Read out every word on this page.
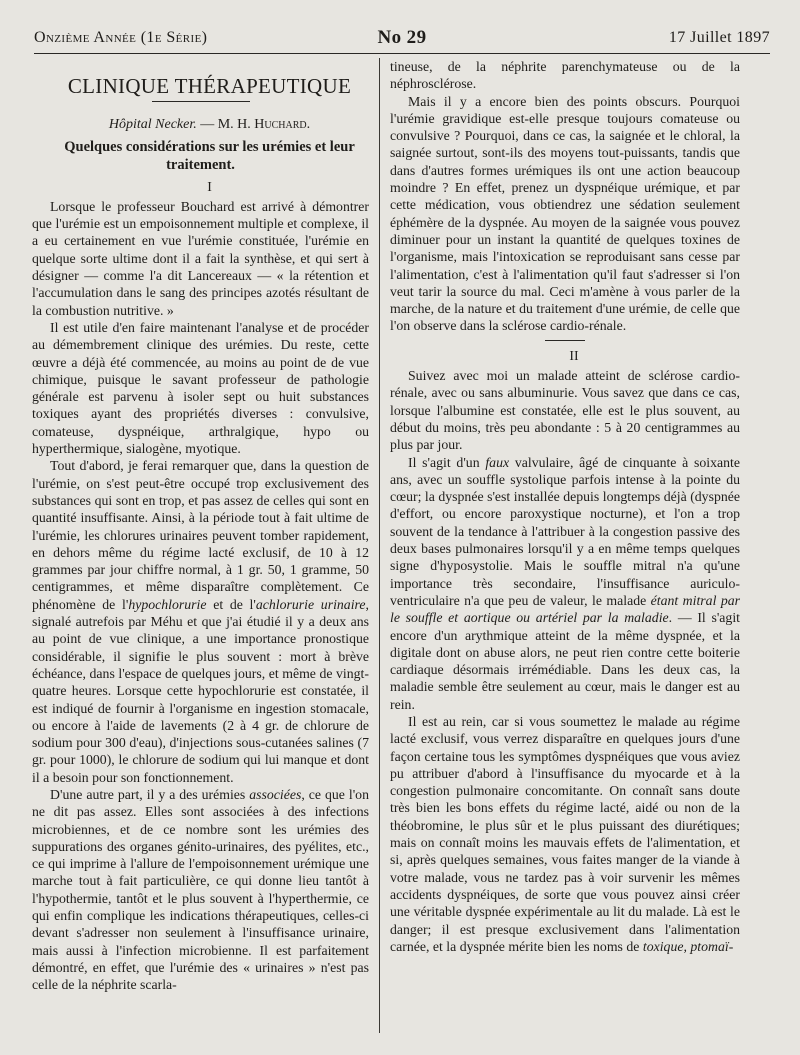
Onzième Année (1e Série)	No 29	17 Juillet 1897

CLINIQUE THÉRAPEUTIQUE

Hôpital Necker. — M. H. Huchard.

Quelques considérations sur les urémies et leur traitement.

I

Lorsque le professeur Bouchard est arrivé à démontrer que l'urémie est un empoisonnement multiple et complexe, il a eu certainement en vue l'urémie constituée, l'urémie en quelque sorte ultime dont il a fait la synthèse, et qui sert à désigner — comme l'a dit Lancereaux — « la rétention et l'accumulation dans le sang des principes azotés résultant de la combustion nutritive. »

Il est utile d'en faire maintenant l'analyse et de procéder au démembrement clinique des urémies. Du reste, cette œuvre a déjà été commencée, au moins au point de de vue chimique, puisque le savant professeur de pathologie générale est parvenu à isoler sept ou huit substances toxiques ayant des propriétés diverses : convulsive, comateuse, dyspnéique, arthralgique, hypo ou hyperthermique, sialogène, myotique.

Tout d'abord, je ferai remarquer que, dans la question de l'urémie, on s'est peut-être occupé trop exclusivement des substances qui sont en trop, et pas assez de celles qui sont en quantité insuffisante. Ainsi, à la période tout à fait ultime de l'urémie, les chlorures urinaires peuvent tomber rapidement, en dehors même du régime lacté exclusif, de 10 à 12 grammes par jour chiffre normal, à 1 gr. 50, 1 gramme, 50 centigrammes, et même disparaître complètement. Ce phénomène de l'hypochlorurie et de l'achlorurie urinaire, signalé autrefois par Méhu et que j'ai étudié il y a deux ans au point de vue clinique, a une importance pronostique considérable, il signifie le plus souvent : mort à brève échéance, dans l'espace de quelques jours, et même de vingt-quatre heures. Lorsque cette hypochlorurie est constatée, il est indiqué de fournir à l'organisme en ingestion stomacale, ou encore à l'aide de lavements (2 à 4 gr. de chlorure de sodium pour 300 d'eau), d'injections sous-cutanées salines (7 gr. pour 1000), le chlorure de sodium qui lui manque et dont il a besoin pour son fonctionnement.

D'une autre part, il y a des urémies associées, ce que l'on ne dit pas assez. Elles sont associées à des infections microbiennes, et de ce nombre sont les urémies des suppurations des organes génito-urinaires, des pyélites, etc., ce qui imprime à l'allure de l'empoisonnement urémique une marche tout à fait particulière, ce qui donne lieu tantôt à l'hypothermie, tantôt et le plus souvent à l'hyperthermie, ce qui enfin complique les indications thérapeutiques, celles-ci devant s'adresser non seulement à l'insuffisance urinaire, mais aussi à l'infection microbienne. Il est parfaitement démontré, en effet, que l'urémie des « urinaires » n'est pas celle de la néphrite scarla-

tineuse, de la néphrite parenchymateuse ou de la néphrosclérose.

Mais il y a encore bien des points obscurs. Pourquoi l'urémie gravidique est-elle presque toujours comateuse ou convulsive ? Pourquoi, dans ce cas, la saignée et le chloral, la saignée surtout, sont-ils des moyens tout-puissants, tandis que dans d'autres formes urémiques ils ont une action beaucoup moindre ? En effet, prenez un dyspnéique urémique, et par cette médication, vous obtiendrez une sédation seulement éphémère de la dyspnée. Au moyen de la saignée vous pouvez diminuer pour un instant la quantité de quelques toxines de l'organisme, mais l'intoxication se reproduisant sans cesse par l'alimentation, c'est à l'alimentation qu'il faut s'adresser si l'on veut tarir la source du mal. Ceci m'amène à vous parler de la marche, de la nature et du traitement d'une urémie, de celle que l'on observe dans la sclérose cardio-rénale.

II

Suivez avec moi un malade atteint de sclérose cardio-rénale, avec ou sans albuminurie. Vous savez que dans ce cas, lorsque l'albumine est constatée, elle est le plus souvent, au début du moins, très peu abondante : 5 à 20 centigrammes au plus par jour.

Il s'agit d'un faux valvulaire, âgé de cinquante à soixante ans, avec un souffle systolique parfois intense à la pointe du cœur; la dyspnée s'est installée depuis longtemps déjà (dyspnée d'effort, ou encore paroxystique nocturne), et l'on a trop souvent de la tendance à l'attribuer à la congestion passive des deux bases pulmonaires lorsqu'il y a en même temps quelques signe d'hyposystolie. Mais le souffle mitral n'a qu'une importance très secondaire, l'insuffisance auriculo-ventriculaire n'a que peu de valeur, le malade étant mitral par le souffle et aortique ou artériel par la maladie. — Il s'agit encore d'un arythmique atteint de la même dyspnée, et la digitale dont on abuse alors, ne peut rien contre cette boiterie cardiaque désormais irrémédiable. Dans les deux cas, la maladie semble être seulement au cœur, mais le danger est au rein.

Il est au rein, car si vous soumettez le malade au régime lacté exclusif, vous verrez disparaître en quelques jours d'une façon certaine tous les symptômes dyspnéiques que vous aviez pu attribuer d'abord à l'insuffisance du myocarde et à la congestion pulmonaire concomitante. On connaît sans doute très bien les bons effets du régime lacté, aidé ou non de la théobromine, le plus sûr et le plus puissant des diurétiques; mais on connaît moins les mauvais effets de l'alimentation, et si, après quelques semaines, vous faites manger de la viande à votre malade, vous ne tardez pas à voir survenir les mêmes accidents dyspnéiques, de sorte que vous pouvez ainsi créer une véritable dyspnée expérimentale au lit du malade. Là est le danger; il est presque exclusivement dans l'alimentation carnée, et la dyspnée mérite bien les noms de toxique, ptomaï-
